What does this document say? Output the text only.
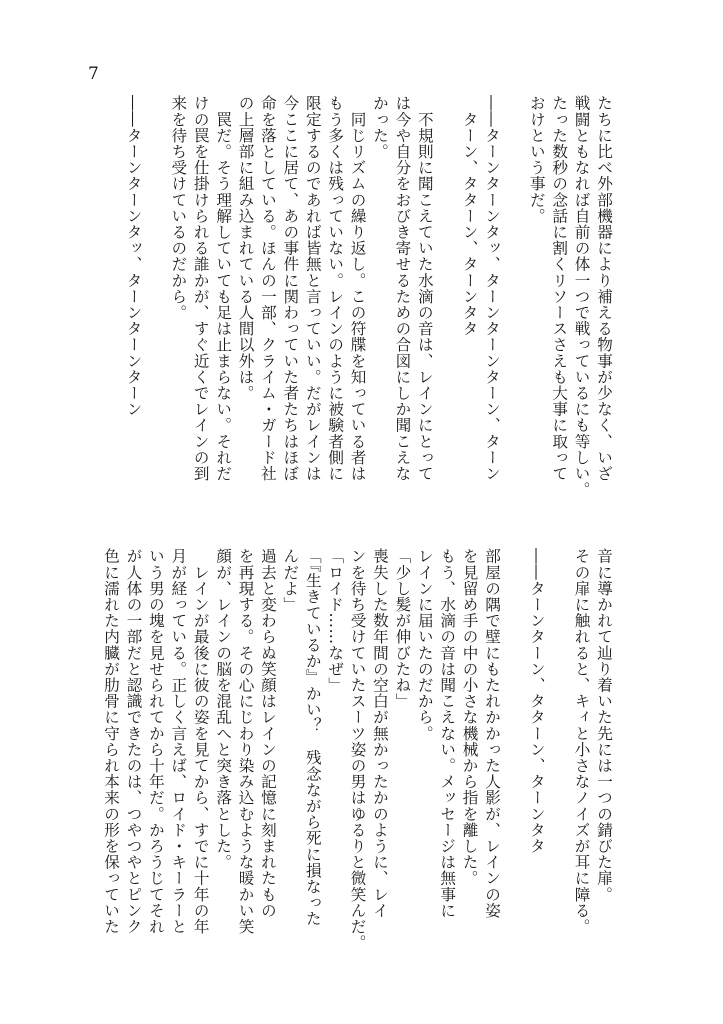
7
たちに比べ外部機器により補える物事が少なく、いざ
戦闘ともなれば自前の体一つで戦っているにも等しい。
たった数秒の念話に割くリソースさえも大事に取って
おけという事だ。
――ターンターンタッ、ターンターンターン、ターン
　ターン、タターン、ターンタタ
　不規則に聞こえていた水滴の音は、レインにとって
は今や自分をおびき寄せるための合図にしか聞こえな
かった。
　同じリズムの繰り返し。この符牒を知っている者は
もう多くは残っていない。レインのように被験者側に
限定するのであれば皆無と言っていい。だがレインは
今ここに居て、あの事件に関わっていた者たちはほぼ
命を落としている。ほんの一部、クライム・ガード社
の上層部に組み込まれている人間以外は。
　罠だ。そう理解していても足は止まらない。それだ
けの罠を仕掛けられる誰かが、すぐ近くでレインの到
来を待ち受けているのだから。
――ターンターンタッ、ターンターンターン
音に導かれて辿り着いた先には一つの錆びた扉。
その扉に触れると、キィと小さなノイズが耳に障る。
――ターンターン、タターン、ターンタタ
部屋の隅で壁にもたれかかった人影が、レインの姿
を見留め手の中の小さな機械から指を離した。
もう、水滴の音は聞こえない。メッセージは無事に
レインに届いたのだから。
「少し髪が伸びたね」
喪失した数年間の空白が無かったかのように、レイ
ンを待ち受けていたスーツ姿の男はゆるりと微笑んだ。
「ロイド……なぜ」
「『生きているか』かい？　残念ながら死に損なった
んだよ」
過去と変わらぬ笑顔はレインの記憶に刻まれたもの
を再現する。その心にじわり染み込むような暖かい笑
顔が、レインの脳を混乱へと突き落とした。
　レインが最後に彼の姿を見てから、すでに十年の年
月が経っている。正しく言えば、ロイド・キーラーと
いう男の塊を見せられてから十年だ。かろうじてそれ
が人体の一部だと認識できたのは、つやつやとピンク
色に濡れた内臓が肋骨に守られ本来の形を保っていた
